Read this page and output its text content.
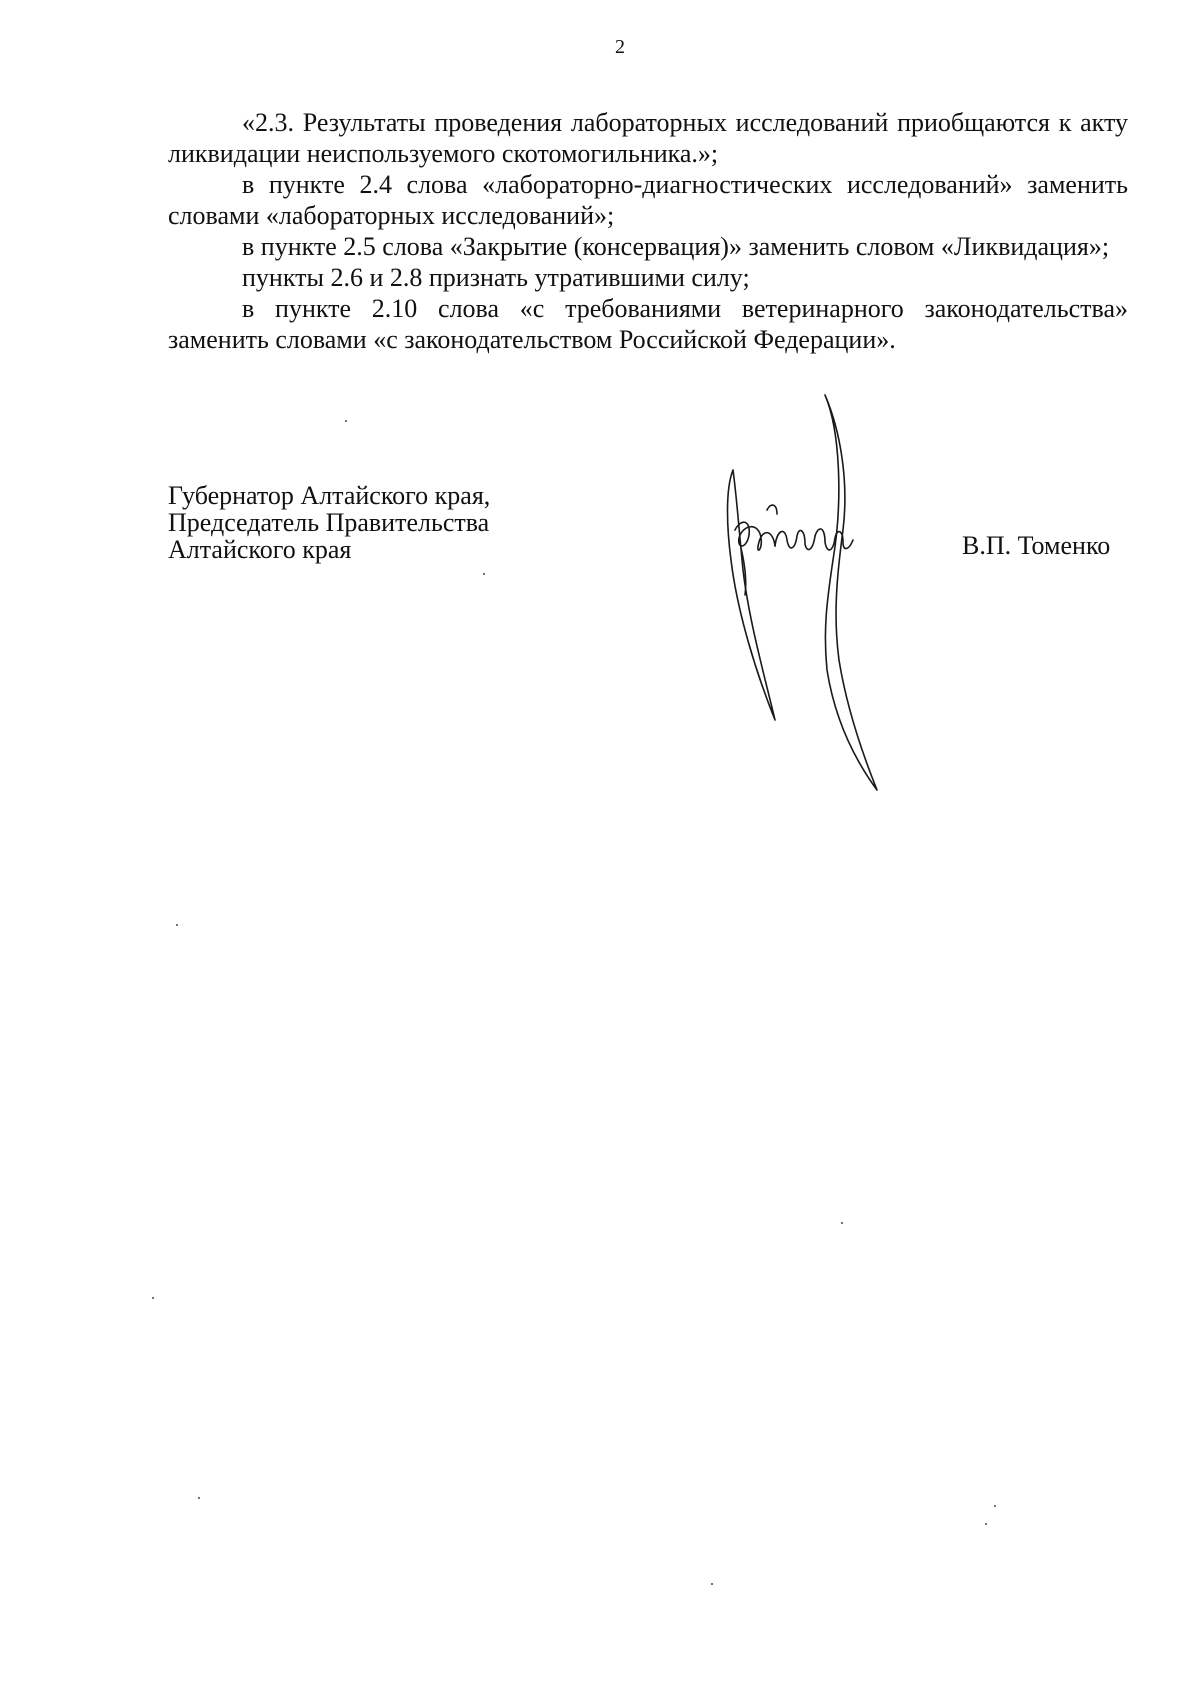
2

«2.3. Результаты проведения лабораторных исследований приобщаются к акту ликвидации неиспользуемого скотомогильника.»;

в пункте 2.4 слова «лабораторно-диагностических исследований» заменить словами «лабораторных исследований»;

в пункте 2.5 слова «Закрытие (консервация)» заменить словом «Ликвидация»;

пункты 2.6 и 2.8 признать утратившими силу;

в пункте 2.10 слова «с требованиями ветеринарного законодательства» заменить словами «с законодательством Российской Федерации».

Губернатор Алтайского края,
Председатель Правительства
Алтайского края	В.П. Томенко
